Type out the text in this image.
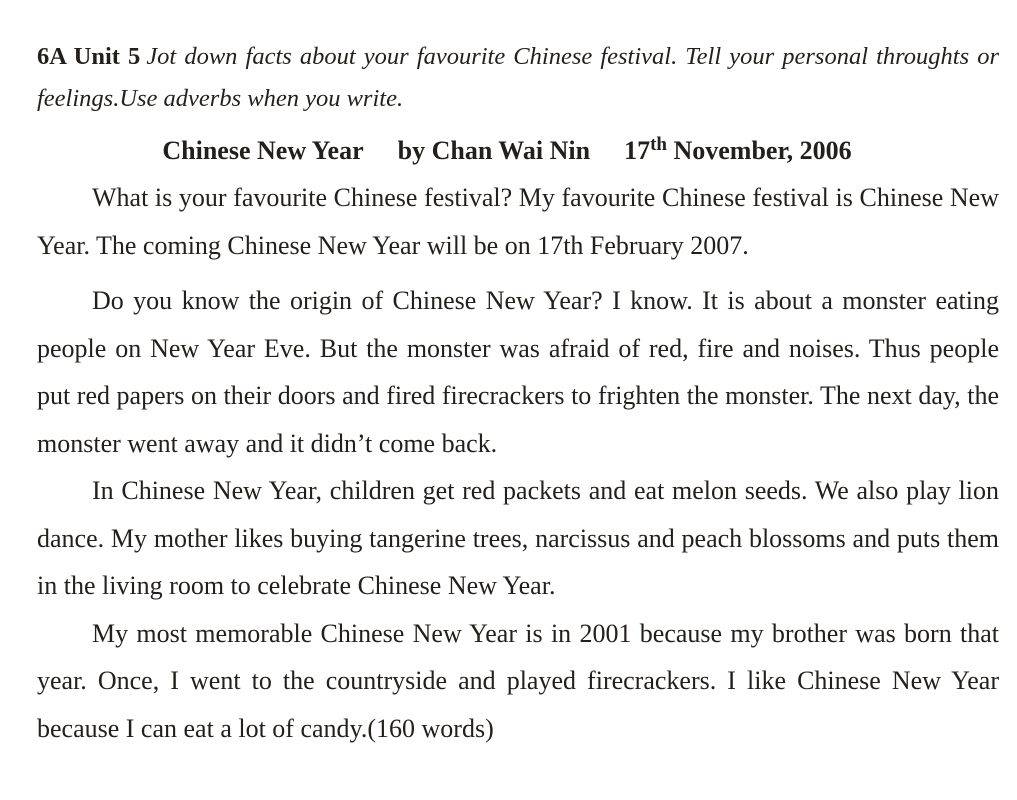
6A Unit 5 Jot down facts about your favourite Chinese festival. Tell your personal throughts or feelings.Use adverbs when you write.

Chinese New Year by Chan Wai Nin 17th November, 2006

What is your favourite Chinese festival? My favourite Chinese festival is Chinese New Year. The coming Chinese New Year will be on 17th February 2007.

Do you know the origin of Chinese New Year? I know. It is about a monster eating people on New Year Eve. But the monster was afraid of red, fire and noises. Thus people put red papers on their doors and fired firecrackers to frighten the monster. The next day, the monster went away and it didn’t come back.

In Chinese New Year, children get red packets and eat melon seeds. We also play lion dance. My mother likes buying tangerine trees, narcissus and peach blossoms and puts them in the living room to celebrate Chinese New Year.

My most memorable Chinese New Year is in 2001 because my brother was born that year. Once, I went to the countryside and played firecrackers. I like Chinese New Year because I can eat a lot of candy.(160 words)
